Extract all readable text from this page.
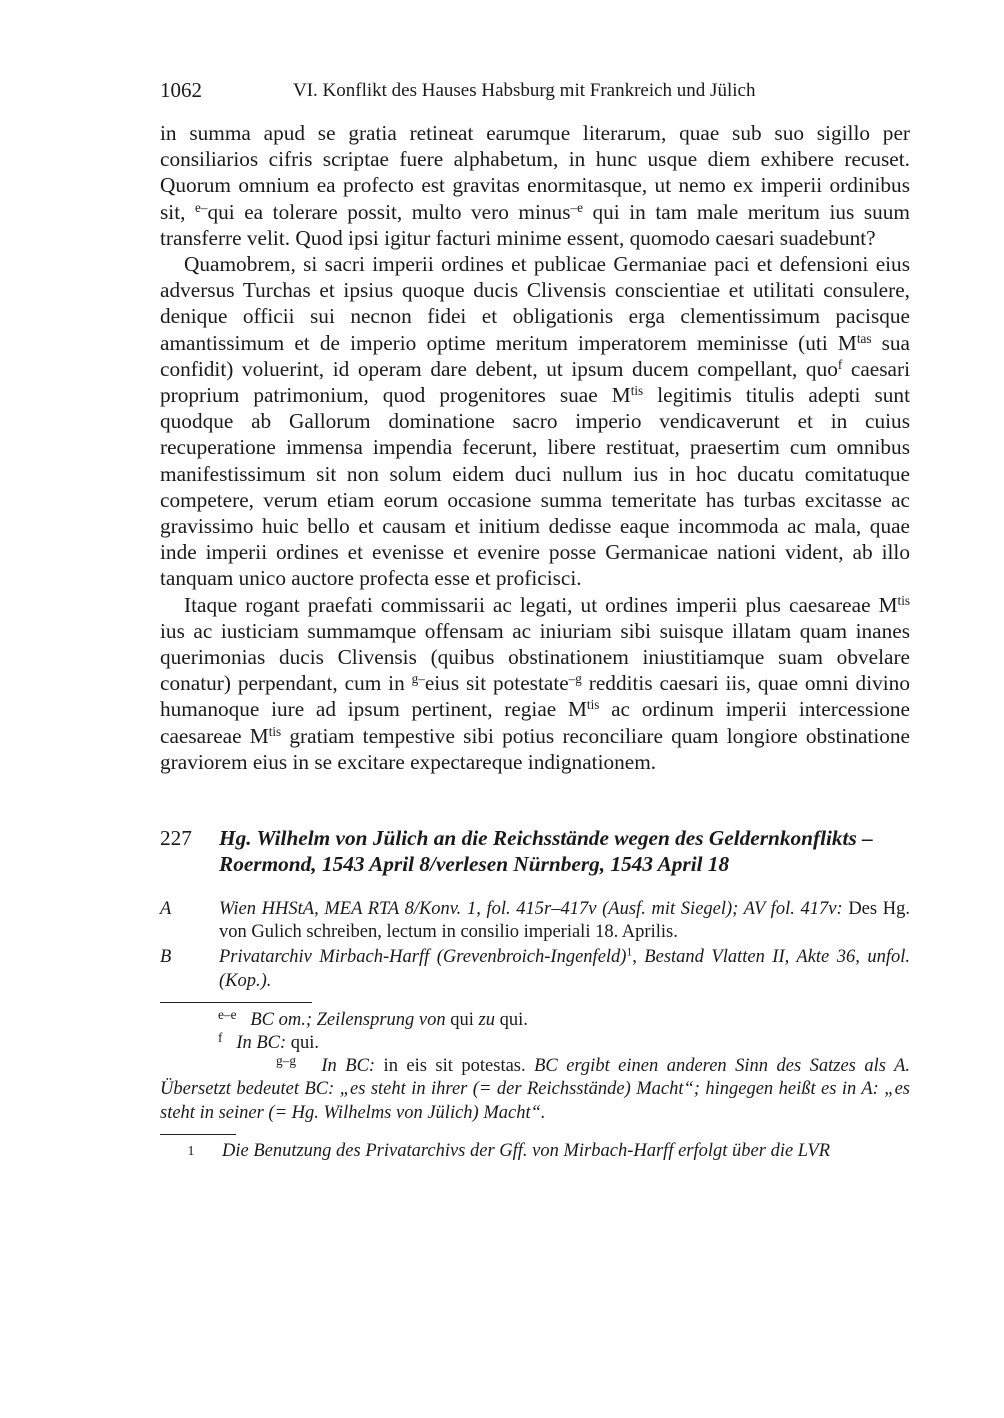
1062	VI. Konflikt des Hauses Habsburg mit Frankreich und Jülich

in summa apud se gratia retineat earumque literarum, quae sub suo sigillo per consiliarios cifris scriptae fuere alphabetum, in hunc usque diem exhibere recuset. Quorum omnium ea profecto est gravitas enormitasque, ut nemo ex imperii ordinibus sit, $^{e-}$qui ea tolerare possit, multo vero minus$^{-e}$ qui in tam male meritum ius suum transferre velit. Quod ipsi igitur facturi minime essent, quomodo caesari suadebunt?

Quamobrem, si sacri imperii ordines et publicae Germaniae paci et defensioni eius adversus Turchas et ipsius quoque ducis Clivensis conscientiae et utilitati consulere, denique officii sui necnon fidei et obligationis erga clementissimum pacisque amantissimum et de imperio optime meritum imperatorem meminisse (uti $M^{tas}$ sua confidit) voluerint, id operam dare debent, ut ipsum ducem compellant, quo$^f$ caesari proprium patrimonium, quod progenitores suae $M^{tis}$ legitimis titulis adepti sunt quodque ab Gallorum dominatione sacro imperio vendicaverunt et in cuius recuperatione immensa impendia fecerunt, libere restituat, praesertim cum omnibus manifestissimum sit non solum eidem duci nullum ius in hoc ducatu comitatuque competere, verum etiam eorum occasione summa temeritate has turbas excitasse ac gravissimo huic bello et causam et initium dedisse eaque incommoda ac mala, quae inde imperii ordines et evenisse et evenire posse Germanicae nationi vident, ab illo tanquam unico auctore profecta esse et proficisci.

Itaque rogant praefati commissarii ac legati, ut ordines imperii plus caesareae $M^{tis}$ ius ac iusticiam summamque offensam ac iniuriam sibi suisque illatam quam inanes querimonias ducis Clivensis (quibus obstinationem iniustitiamque suam obvelare conatur) perpendant, cum in $^{g-}$eius sit potestate$^{-g}$ redditis caesari iis, quae omni divino humanoque iure ad ipsum pertinent, regiae $M^{tis}$ ac ordinum imperii intercessione caesareae $M^{tis}$ gratiam tempestive sibi potius reconciliare quam longiore obstinatione graviorem eius in se excitare expectareque indignationem.

227	Hg. Wilhelm von Jülich an die Reichsstände wegen des Geldernkonflikts – Roermond, 1543 April 8/verlesen Nürnberg, 1543 April 18
A	Wien HHStA, MEA RTA 8/Konv. 1, fol. 415r–417v (Ausf. mit Siegel); AV fol. 417v: Des Hg. von Gulich schreiben, lectum in consilio imperiali 18. Aprilis.
B	Privatarchiv Mirbach-Harff (Grevenbroich-Ingenfeld)$^1$, Bestand Vlatten II, Akte 36, unfol. (Kop.).
e–e BC om.; Zeilensprung von qui zu qui.
f In BC: qui.
g–g In BC: in eis sit potestas. BC ergibt einen anderen Sinn des Satzes als A. Übersetzt bedeutet BC: „es steht in ihrer (= der Reichsstände) Macht“; hingegen heißt es in A: „es steht in seiner (= Hg. Wilhelms von Jülich) Macht“.
1	Die Benutzung des Privatarchivs der Gff. von Mirbach-Harff erfolgt über die LVR
